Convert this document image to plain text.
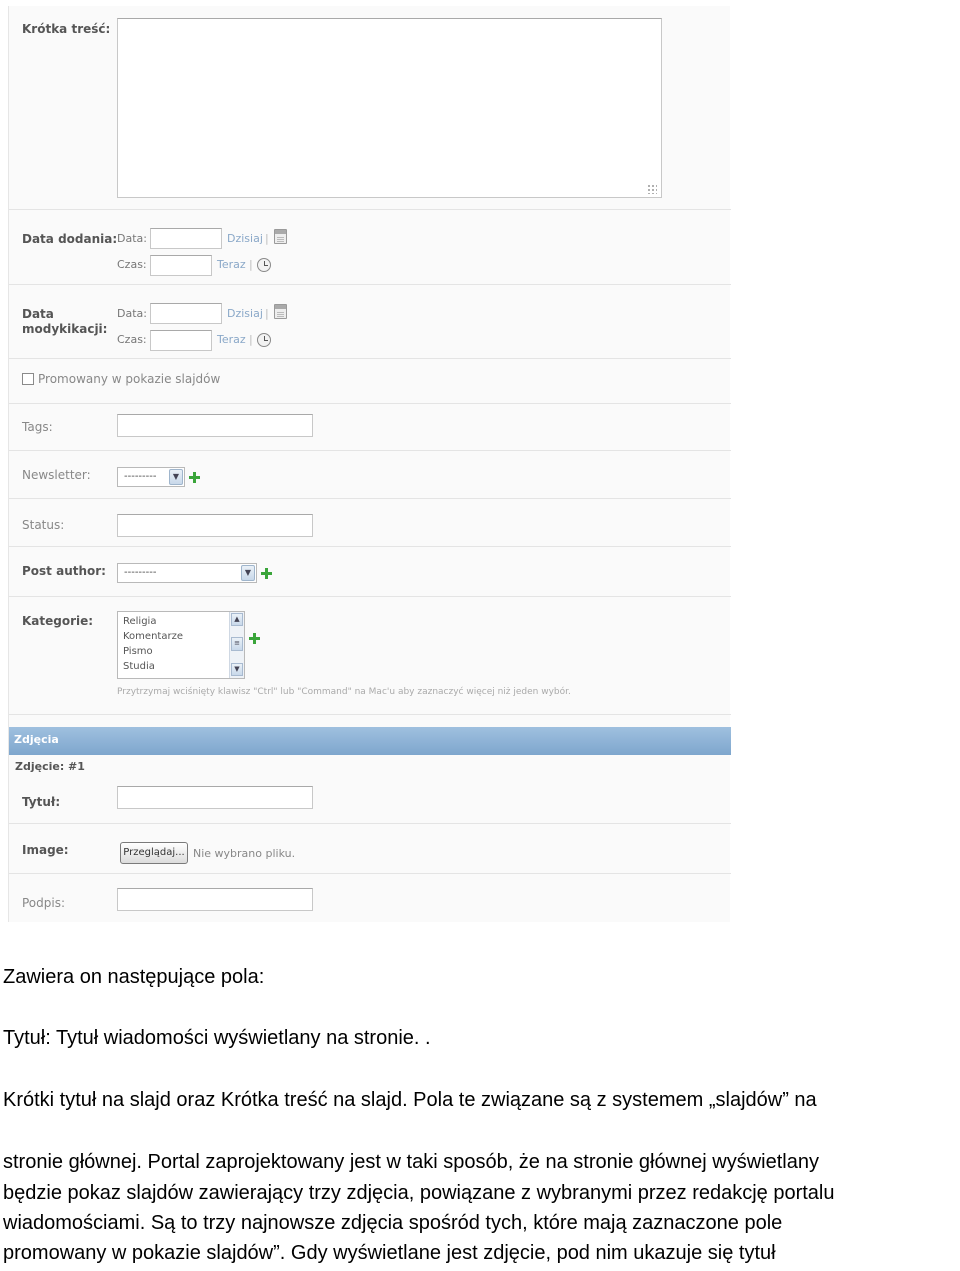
Krótka treść:
Data dodania: Data:	Dzisiaj |
Czas:	Teraz |
Data
modykikacji:
Data:	Dzisiaj |
Czas:	Teraz |
Promowany w pokazie slajdów
Tags:
Newsletter:	---------	▼
Status:
Post author:	---------	▼
Kategorie:	Religia
Komentarze
Pismo
Studia
▲
≡
▼
Przytrzymaj wciśnięty klawisz "Ctrl" lub "Command" na Mac'u aby zaznaczyć więcej niż jeden wybór.
Zdjęcia
Zdjęcie: #1
Tytuł:
Image:	Przeglądaj... Nie wybrano pliku.
Podpis:
Zawiera on następujące pola:
Tytuł: Tytuł wiadomości wyświetlany na stronie. .
Krótki tytuł na slajd oraz Krótka treść na slajd. Pola te związane są z systemem „slajdów” na
stronie głównej. Portal zaprojektowany jest w taki sposób, że na stronie głównej wyświetlany
będzie pokaz slajdów zawierający trzy zdjęcia, powiązane z wybranymi przez redakcję portalu
wiadomościami. Są to trzy najnowsze zdjęcia spośród tych, które mają zaznaczone pole
promowany w pokazie slajdów”. Gdy wyświetlane jest zdjęcie, pod nim ukazuje się tytuł
